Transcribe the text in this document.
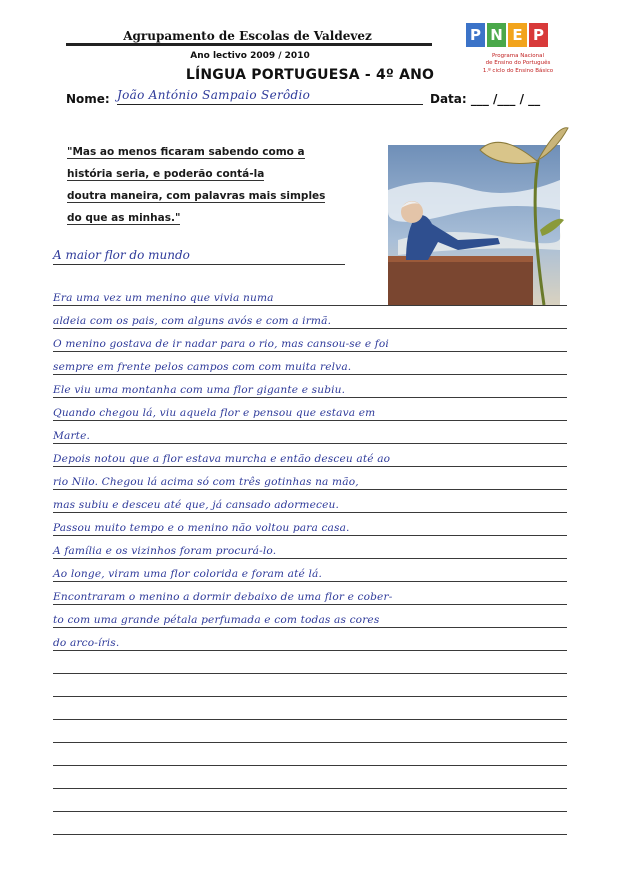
Agrupamento de Escolas de Valdevez
Ano lectivo 2009 / 2010
LÍNGUA PORTUGUESA - 4º ANO
P N E P
Programa Nacional
de Ensino do Português
1.º ciclo do Ensino Básico
Nome: João António Sampaio Serôdio	Data: ___ /___ / __
"Mas ao menos ficaram sabendo como a
história seria, e poderão contá-la
doutra maneira, com palavras mais simples
do que as minhas."
A maior flor do mundo
Era uma vez um menino que vivia numa
aldeia com os pais, com alguns avós e com a irmã.
O menino gostava de ir nadar para o rio, mas cansou-se e foi
sempre em frente pelos campos com com muita relva.
Ele viu uma montanha com uma flor gigante e subiu.
Quando chegou lá, viu aquela flor e pensou que estava em
Marte.
Depois notou que a flor estava murcha e então desceu até ao
rio Nilo. Chegou lá acima só com três gotinhas na mão,
mas subiu e desceu até que, já cansado adormeceu.
Passou muito tempo e o menino não voltou para casa.
A família e os vizinhos foram procurá-lo.
Ao longe, viram uma flor colorida e foram até lá.
Encontraram o menino a dormir debaixo de uma flor e cober-
to com uma grande pétala perfumada e com todas as cores
do arco-íris.
